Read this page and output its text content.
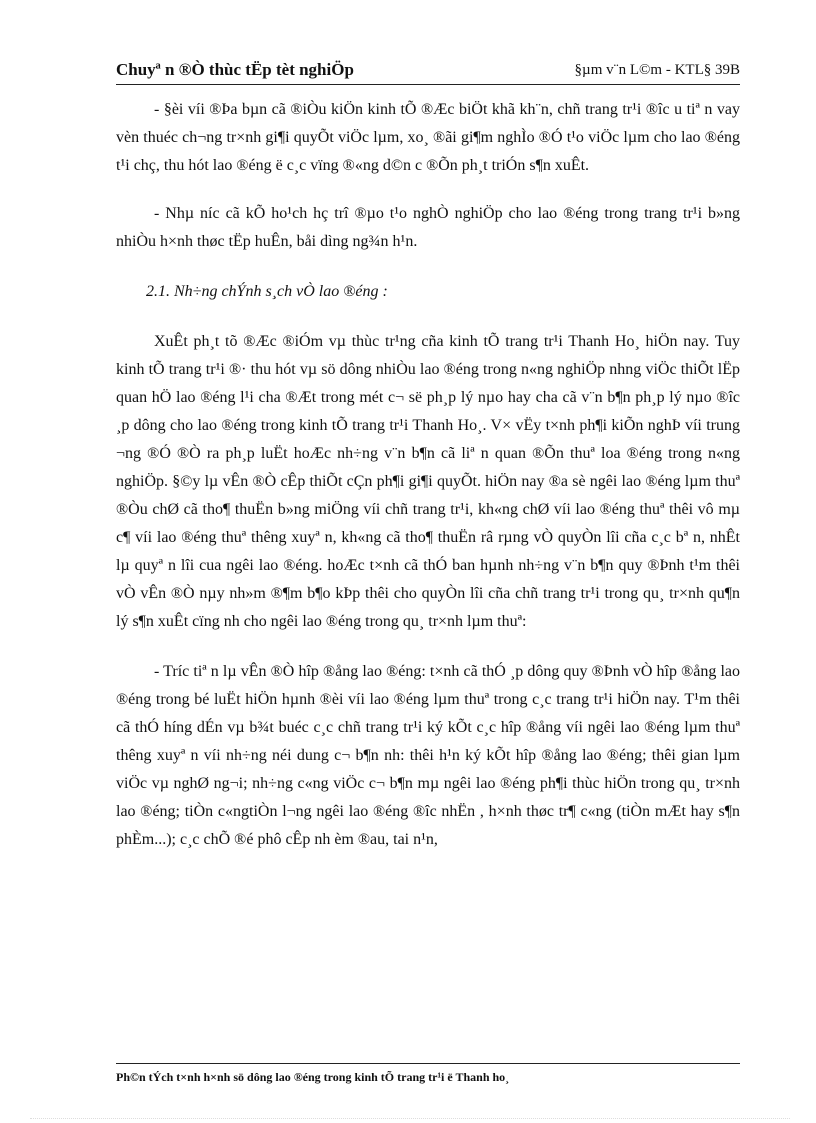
Chuyª n ®Ò thùc tËp tèt nghiÖp	§µm v¨n L©m - KTL§ 39B

- §èi víi ®Þa bµn cã ®iÒu kiÖn kinh tÕ ®Æc biÖt khã kh¨n, chñ trang tr¹i ®îc u tiª n vay vèn thuéc ch¬ng tr×nh gi¶i quyÕt viÖc lµm, xo¸ ®ãi gi¶m nghÌo ®Ó t¹o viÖc lµm cho lao ®éng t¹i chç, thu hót lao ®éng ë c¸c vïng ®«ng d©n c ®Õn ph¸t triÓn s¶n xuÊt.

- Nhµ níc cã kÕ ho¹ch hç trî ®µo t¹o nghÒ nghiÖp cho lao ®éng trong trang tr¹i b»ng nhiÒu h×nh thøc tËp huÊn, båi dìng ng¾n h¹n.

2.1. Nh÷ng chÝnh s¸ch vÒ lao ®éng :

XuÊt ph¸t tõ ®Æc ®iÓm vµ thùc tr¹ng cña kinh tÕ trang tr¹i Thanh Ho¸ hiÖn nay. Tuy kinh tÕ trang tr¹i ®· thu hót vµ sö dông nhiÒu lao ®éng trong n«ng nghiÖp nhng viÖc thiÕt lËp quan hÖ lao ®éng l¹i cha ®Æt trong mét c¬ së ph¸p lý nµo hay cha cã v¨n b¶n ph¸p lý nµo ®îc ¸p dông cho lao ®éng trong kinh tÕ trang tr¹i Thanh Ho¸. V× vËy t×nh ph¶i kiÕn nghÞ víi trung ¬ng ®Ó ®Ò ra ph¸p luËt hoÆc nh÷ng v¨n b¶n cã liª n quan ®Õn thuª loa ®éng trong n«ng nghiÖp. §©y lµ vÊn ®Ò cÊp thiÕt cÇn ph¶i gi¶i quyÕt. hiÖn nay ®a sè ngêi lao ®éng lµm thuª ®Òu chØ cã tho¶ thuËn b»ng miÖng víi chñ trang tr¹i, kh«ng chØ víi lao ®éng thuª thêi vô mµ c¶ víi lao ®éng thuª thêng xuyª n, kh«ng cã tho¶ thuËn râ rµng vÒ quyÒn lîi cña c¸c bª n, nhÊt lµ quyª n lîi cua ngêi lao ®éng. hoÆc t×nh cã thÓ ban hµnh nh÷ng v¨n b¶n quy ®Þnh t¹m thêi vÒ vÊn ®Ò nµy nh»m ®¶m b¶o kÞp thêi cho quyÒn lîi cña chñ trang tr¹i trong qu¸ tr×nh qu¶n lý s¶n xuÊt cïng nh cho ngêi lao ®éng trong qu¸ tr×nh lµm thuª:

- Tríc tiª n lµ vÊn ®Ò hîp ®ång lao ®éng: t×nh cã thÓ ¸p dông quy ®Þnh vÒ hîp ®ång lao ®éng trong bé luËt hiÖn hµnh ®èi víi lao ®éng lµm thuª trong c¸c trang tr¹i hiÖn nay. T¹m thêi cã thÓ híng dÉn vµ b¾t buéc c¸c chñ trang tr¹i ký kÕt c¸c hîp ®ång víi ngêi lao ®éng lµm thuª thêng xuyª n víi nh÷ng néi dung c¬ b¶n nh: thêi h¹n ký kÕt hîp ®ång lao ®éng; thêi gian lµm viÖc vµ nghØ ng¬i; nh÷ng c«ng viÖc c¬ b¶n mµ ngêi lao ®éng ph¶i thùc hiÖn trong qu¸ tr×nh lao ®éng; tiÒn c«ngtiÒn l¬ng ngêi lao ®éng ®îc nhËn , h×nh thøc tr¶ c«ng (tiÒn mÆt hay s¶n phÈm...); c¸c chÕ ®é phô cÊp nh èm ®au, tai n¹n,

Ph©n tÝch t×nh h×nh sö dông lao ®éng trong kinh tÕ trang tr¹i ë Thanh ho¸
